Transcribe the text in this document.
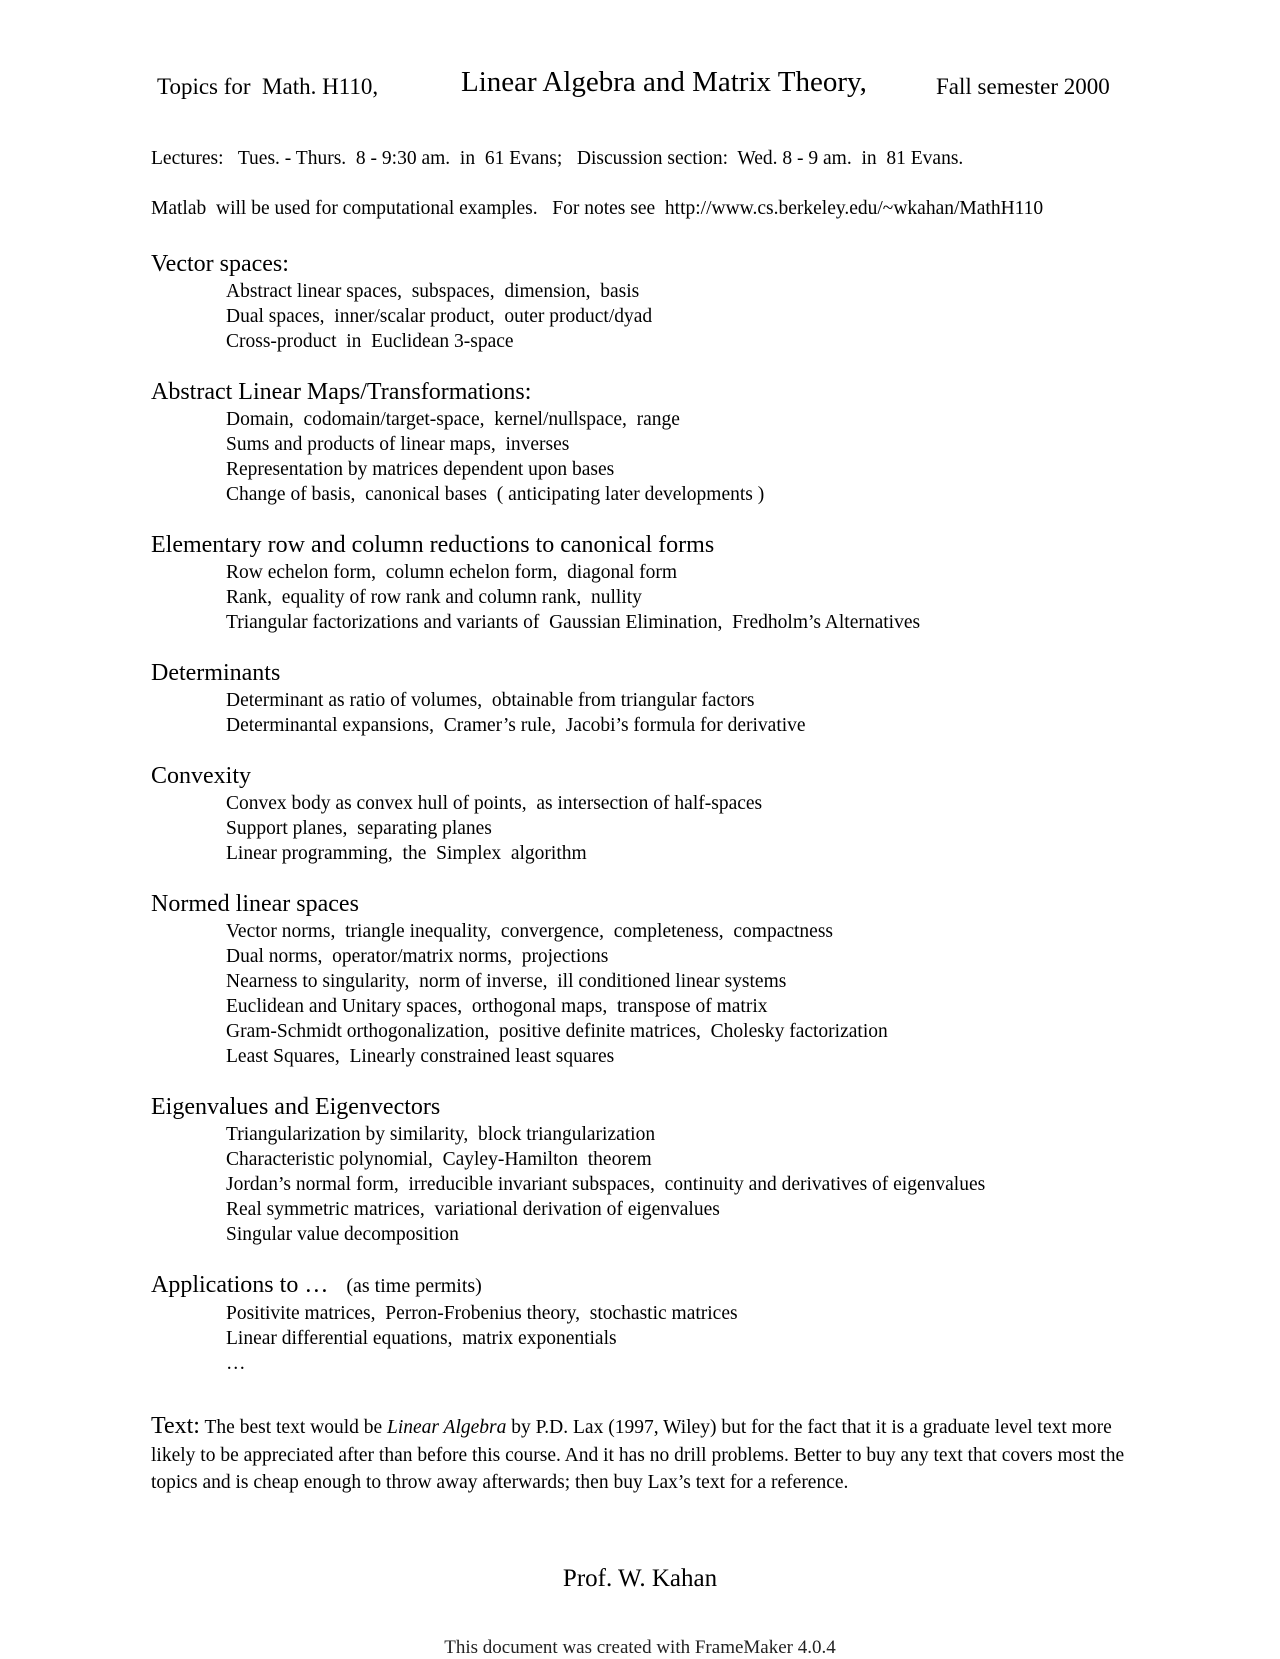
Topics for  Math. H110,	Linear Algebra and Matrix Theory,	Fall semester 2000
Lectures:   Tues. - Thurs.  8 - 9:30 am.  in  61 Evans;   Discussion section:  Wed. 8 - 9 am.  in  81 Evans.
Matlab  will be used for computational examples.   For notes see  http://www.cs.berkeley.edu/~wkahan/MathH110
Vector spaces:
Abstract linear spaces,  subspaces,  dimension,  basis
Dual spaces,  inner/scalar product,  outer product/dyad
Cross-product  in  Euclidean 3-space
Abstract Linear Maps/Transformations:
Domain,  codomain/target-space,  kernel/nullspace,  range
Sums and products of linear maps,  inverses
Representation by matrices dependent upon bases
Change of basis,  canonical bases  ( anticipating later developments )
Elementary row and column reductions to canonical forms
Row echelon form,  column echelon form,  diagonal form
Rank,  equality of row rank and column rank,  nullity
Triangular factorizations and variants of  Gaussian Elimination,  Fredholm’s Alternatives
Determinants
Determinant as ratio of volumes,  obtainable from triangular factors
Determinantal expansions,  Cramer’s rule,  Jacobi’s formula for derivative
Convexity
Convex body as convex hull of points,  as intersection of half-spaces
Support planes,  separating planes
Linear programming,  the  Simplex  algorithm
Normed linear spaces
Vector norms,  triangle inequality,  convergence,  completeness,  compactness
Dual norms,  operator/matrix norms,  projections
Nearness to singularity,  norm of inverse,  ill conditioned linear systems
Euclidean and Unitary spaces,  orthogonal maps,  transpose of matrix
Gram-Schmidt orthogonalization,  positive definite matrices,  Cholesky factorization
Least Squares,  Linearly constrained least squares
Eigenvalues and Eigenvectors
Triangularization by similarity,  block triangularization
Characteristic polynomial,  Cayley-Hamilton  theorem
Jordan’s normal form,  irreducible invariant subspaces,  continuity and derivatives of eigenvalues
Real symmetric matrices,  variational derivation of eigenvalues
Singular value decomposition
Applications to … (as time permits)
Positivite matrices,  Perron-Frobenius theory,  stochastic matrices
Linear differential equations,  matrix exponentials
…
Text: The best text would be Linear Algebra by P.D. Lax (1997, Wiley) but for the fact that it is a graduate level text more likely to be appreciated after than before this course. And it has no drill problems. Better to buy any text that covers most the topics and is cheap enough to throw away afterwards; then buy Lax’s text for a reference.
Prof. W. Kahan
This document was created with FrameMaker 4.0.4
